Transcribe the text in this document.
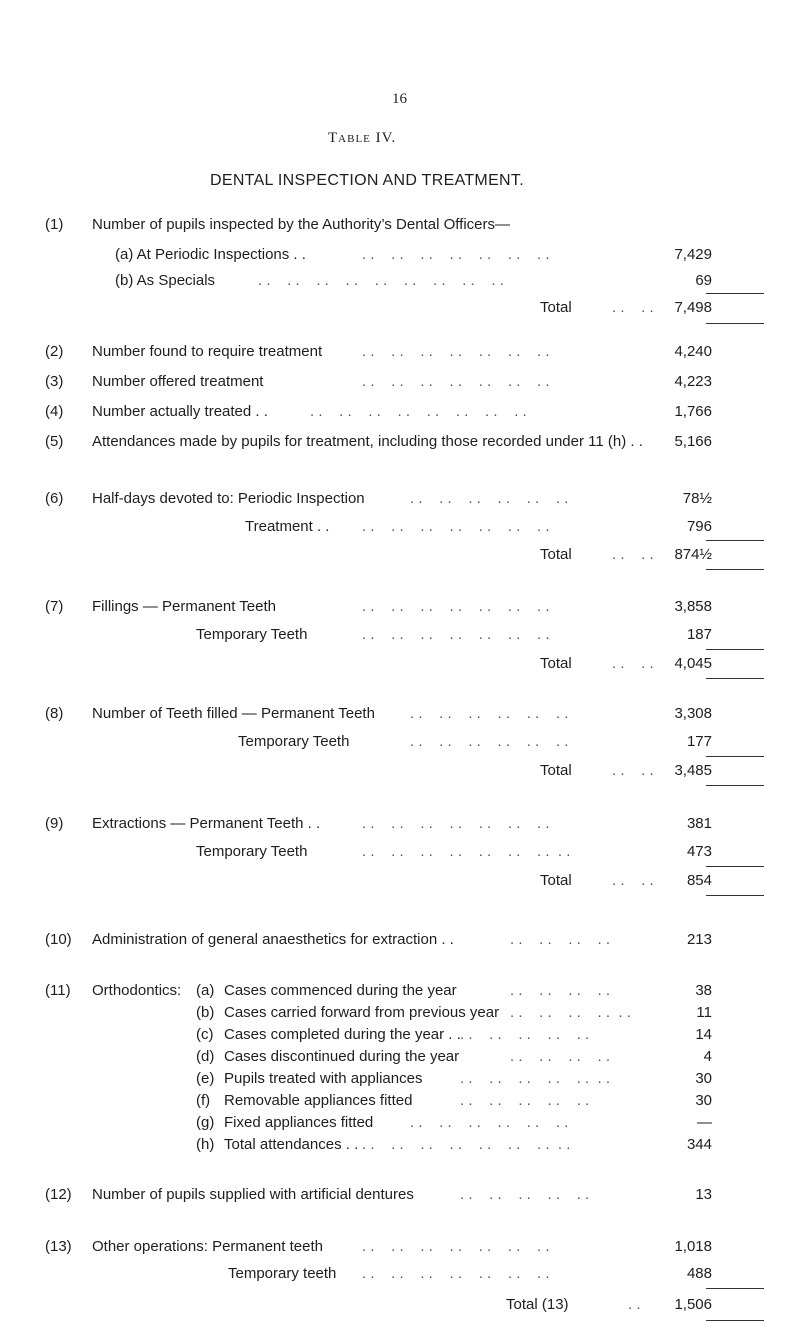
16
Table IV.
DENTAL INSPECTION AND TREATMENT.
(1) Number of pupils inspected by the Authority’s Dental Officers—
(a) At Periodic Inspections . .	. .    . .    . .    . .    . .    . .    . .	7,429
(b) As Specials	. .    . .    . .    . .    . .    . .    . .    . .    . .	69
Total	. .    . . 7,498
(2) Number found to require treatment	. .    . .    . .    . .    . .    . .    . .	4,240
(3) Number offered treatment	. .    . .    . .    . .    . .    . .    . .	4,223
(4) Number actually treated . .	. .    . .    . .    . .    . .    . .    . .    . .	1,766
(5) Attendances made by pupils for treatment, including those recorded under 11 (h) . . 5,166
(6) Half-days devoted to: Periodic Inspection	. .    . .    . .    . .    . .    . .	78½
Treatment . . . .    . .    . .    . .    . .    . .    . .	796
Total	. .    . . 874½
(7) Fillings — Permanent Teeth	. .    . .    . .    . .    . .    . .    . .	3,858
Temporary Teeth	. .    . .    . .    . .    . .    . .    . .	187
Total	. .    . . 4,045
(8) Number of Teeth filled — Permanent Teeth . .    . .    . .    . .    . .    . .	3,308
Temporary Teeth	. .    . .    . .    . .    . .    . .	177
Total	. .    . . 3,485
(9) Extractions — Permanent Teeth . .	. .    . .    . .    . .    . .    . .    . .	381
Temporary Teeth	. .    . .    . .    . .    . .    . .    . .  . .	473
Total	. .    . . 854
(10) Administration of general anaesthetics for extraction . .	. .    . .    . .    . .	213
(11) Orthodontics: (a) Cases commenced during the year	. .    . .    . .    . .	38
(b) Cases carried forward from previous year . .    . .    . .    . .  . .	11
(c) Cases completed during the year . . . .    . .    . .    . .    . .	14
(d) Cases discontinued during the year	. .    . .    . .    . .	4
(e) Pupils treated with appliances	. .    . .    . .    . .    . .  . .	30
(f) Removable appliances fitted	. .    . .    . .    . .    . .	30
(g) Fixed appliances fitted . .    . .    . .    . .    . .    . .	—
(h) Total attendances . . . .    . .    . .    . .    . .    . .    . .  . .	344
(12) Number of pupils supplied with artificial dentures	. .    . .    . .    . .    . .	13
(13) Other operations: Permanent teeth	. .    . .    . .    . .    . .    . .    . .	1,018
Temporary teeth . .    . .    . .    . .    . .    . .    . .	488
Total (13)	. . 1,506
